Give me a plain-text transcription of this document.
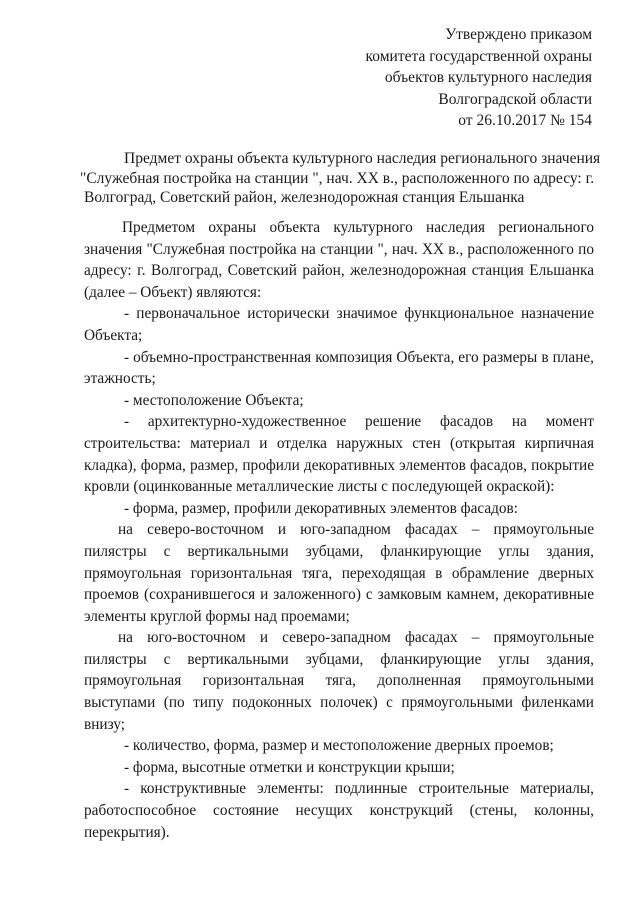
Утверждено приказом
комитета государственной охраны
объектов культурного наследия
Волгоградской области
от 26.10.2017 № 154
Предмет охраны объекта культурного наследия регионального значения
"Служебная постройка на станции ", нач. ХХ в., расположенного по адресу: г.
Волгоград, Советский район, железнодорожная станция Ельшанка

Предметом охраны объекта культурного наследия регионального значения "Служебная постройка на станции ", нач. ХХ в., расположенного по адресу: г. Волгоград, Советский район, железнодорожная станция Ельшанка (далее – Объект) являются:

- первоначальное исторически значимое функциональное назначение Объекта;

- объемно-пространственная композиция Объекта, его размеры в плане, этажность;

- местоположение Объекта;

- архитектурно-художественное решение фасадов на момент строительства: материал и отделка наружных стен (открытая кирпичная кладка), форма, размер, профили декоративных элементов фасадов, покрытие кровли (оцинкованные металлические листы с последующей окраской):

- форма, размер, профили декоративных элементов фасадов:

на северо-восточном и юго-западном фасадах – прямоугольные пилястры с вертикальными зубцами, фланкирующие углы здания, прямоугольная горизонтальная тяга, переходящая в обрамление дверных проемов (сохранившегося и заложенного) с замковым камнем, декоративные элементы круглой формы над проемами;

на юго-восточном и северо-западном фасадах – прямоугольные пилястры с вертикальными зубцами, фланкирующие углы здания, прямоугольная горизонтальная тяга, дополненная прямоугольными выступами (по типу подоконных полочек) с прямоугольными филенками внизу;

- количество, форма, размер и местоположение дверных проемов;

- форма, высотные отметки и конструкции крыши;

- конструктивные элементы: подлинные строительные материалы, работоспособное состояние несущих конструкций (стены, колонны, перекрытия).
